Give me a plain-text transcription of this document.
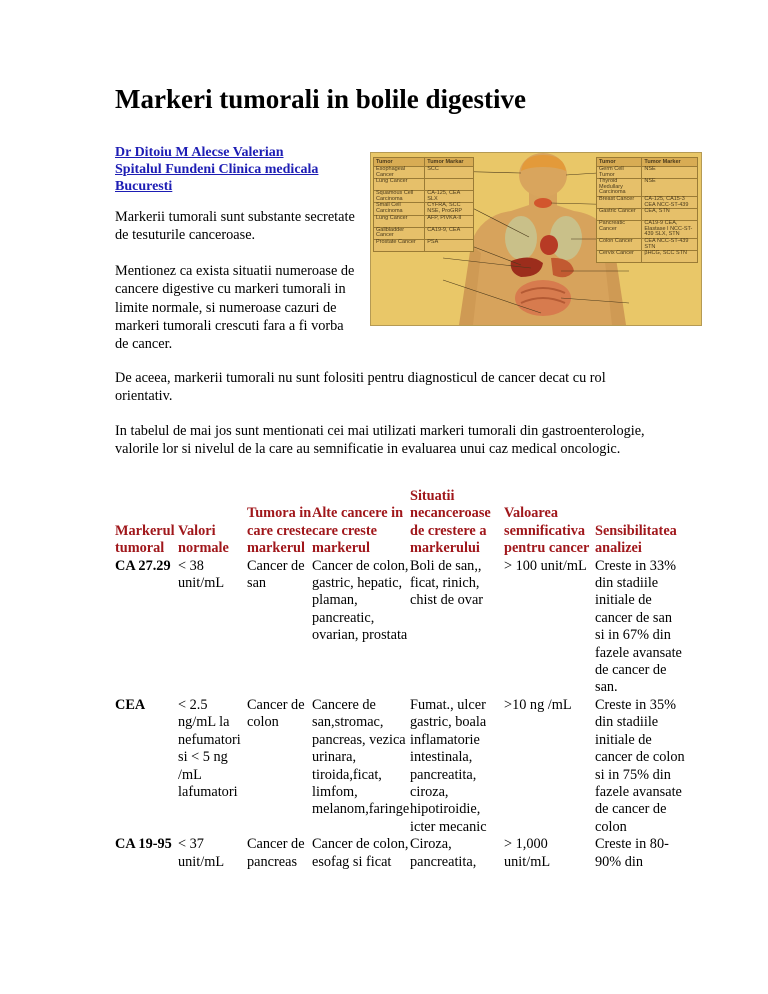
Markeri tumorali in bolile digestive
Dr Ditoiu M Alecse Valerian
Spitalul Fundeni Clinica medicala
Bucuresti

Markerii tumorali sunt substante secretate de tesuturile canceroase.

Mentionez ca exista situatii numeroase de cancere digestive cu markeri tumorali in limite normale, si numeroase cazuri de markeri tumorali crescuti fara a fi vorba de cancer.

De aceea, markerii tumorali nu sunt folositi pentru diagnosticul de cancer decat cu rol orientativ.

In tabelul de mai jos sunt mentionati cei mai utilizati markeri tumorali din gastroenterologie, valorile lor si nivelul de la care au semnificatie in evaluarea unui caz medical oncologic.

Tumor	Tumor Markar
Esophageal Cancer	SCC
Lung Cancer	
Squamous Cell Carcinoma	CA-125, CEA SLX
Small Cell Carcinoma	CYFRA, SCC NSE, ProGRP
Lung Cancer	AFP, PIVKA-II
Gallbladder Cancer	CA19-9, CEA
Prostate Cancer	PSA
Tumor	Tumor Marker
Germ Cell Tumor	NSE
Thyroid Medullary Carcinoma	NSE
Breast Cancer	CA-125, CA15-3 CEA NCC-ST-439
Gastric Cancer	CEA, STN
Pancreatic Cancer	CA19-9 CEA, Elastase I NCC-ST-439 SLX, STN
Colon Cancer	CEA NCC-ST-439 STN
Cervix Cancer	βHCG, SCC STN
Markerul tumoral	Valori normale	Tumora in care creste markerul	Alte cancere in care creste markerul	Situatii necanceroase de crestere a markerului	Valoarea semnificativa pentru cancer	Sensibilitatea analizei
CA 27.29	< 38 unit/mL	Cancer de san	Cancer de colon, gastric, hepatic, plaman, pancreatic, ovarian, prostata	Boli de san,, ficat, rinich, chist de ovar	> 100 unit/mL	Creste in 33% din stadiile initiale de cancer de san si in 67% din fazele avansate de cancer de san.
CEA	< 2.5 ng/mL la nefumatori si < 5 ng /mL lafumatori	Cancer de colon	Cancere de san,stromac, pancreas, vezica urinara, tiroida,ficat, limfom, melanom,faringe	Fumat., ulcer gastric, boala inflamatorie intestinala, pancreatita, ciroza, hipotiroidie, icter mecanic	>10 ng /mL	Creste in 35% din stadiile initiale de cancer de colon si in 75% din fazele avansate de cancer de colon
CA 19-95	< 37 unit/mL	Cancer de pancreas	Cancer de colon, esofag si ficat	Ciroza, pancreatita,	> 1,000 unit/mL	Creste in 80-90% din
